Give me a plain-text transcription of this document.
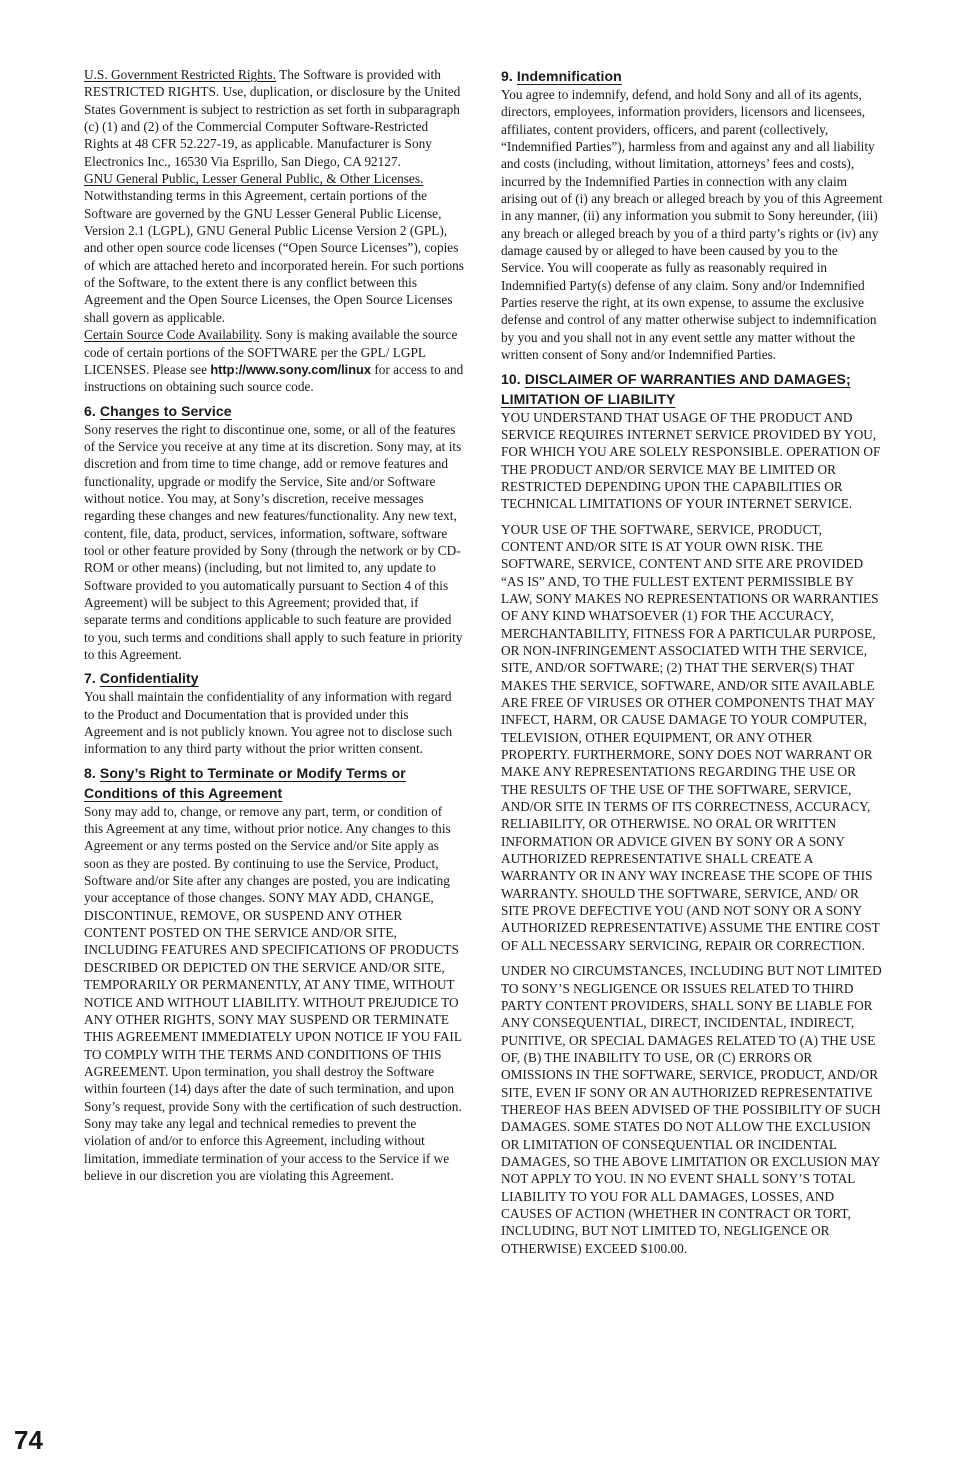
U.S. Government Restricted Rights. The Software is provided with RESTRICTED RIGHTS. Use, duplication, or disclosure by the United States Government is subject to restriction as set forth in subparagraph (c) (1) and (2) of the Commercial Computer Software-Restricted Rights at 48 CFR 52.227-19, as applicable. Manufacturer is Sony Electronics Inc., 16530 Via Esprillo, San Diego, CA 92127.

GNU General Public, Lesser General Public, & Other Licenses. Notwithstanding terms in this Agreement, certain portions of the Software are governed by the GNU Lesser General Public License, Version 2.1 (LGPL), GNU General Public License Version 2 (GPL), and other open source code licenses (“Open Source Licenses”), copies of which are attached hereto and incorporated herein. For such portions of the Software, to the extent there is any conflict between this Agreement and the Open Source Licenses, the Open Source Licenses shall govern as applicable.

Certain Source Code Availability. Sony is making available the source code of certain portions of the SOFTWARE per the GPL/ LGPL LICENSES. Please see http://www.sony.com/linux for access to and instructions on obtaining such source code.

6. Changes to Service

Sony reserves the right to discontinue one, some, or all of the features of the Service you receive at any time at its discretion. Sony may, at its discretion and from time to time change, add or remove features and functionality, upgrade or modify the Service, Site and/or Software without notice. You may, at Sony’s discretion, receive messages regarding these changes and new features/functionality. Any new text, content, file, data, product, services, information, software, software tool or other feature provided by Sony (through the network or by CD-ROM or other means) (including, but not limited to, any update to Software provided to you automatically pursuant to Section 4 of this Agreement) will be subject to this Agreement; provided that, if separate terms and conditions applicable to such feature are provided to you, such terms and conditions shall apply to such feature in priority to this Agreement.

7. Confidentiality

You shall maintain the confidentiality of any information with regard to the Product and Documentation that is provided under this Agreement and is not publicly known. You agree not to disclose such information to any third party without the prior written consent.

8. Sony’s Right to Terminate or Modify Terms or Conditions of this Agreement

Sony may add to, change, or remove any part, term, or condition of this Agreement at any time, without prior notice. Any changes to this Agreement or any terms posted on the Service and/or Site apply as soon as they are posted. By continuing to use the Service, Product, Software and/or Site after any changes are posted, you are indicating your acceptance of those changes. SONY MAY ADD, CHANGE, DISCONTINUE, REMOVE, OR SUSPEND ANY OTHER CONTENT POSTED ON THE SERVICE AND/OR SITE, INCLUDING FEATURES AND SPECIFICATIONS OF PRODUCTS DESCRIBED OR DEPICTED ON THE SERVICE AND/OR SITE, TEMPORARILY OR PERMANENTLY, AT ANY TIME, WITHOUT NOTICE AND WITHOUT LIABILITY. WITHOUT PREJUDICE TO ANY OTHER RIGHTS, SONY MAY SUSPEND OR TERMINATE THIS AGREEMENT IMMEDIATELY UPON NOTICE IF YOU FAIL TO COMPLY WITH THE TERMS AND CONDITIONS OF THIS AGREEMENT. Upon termination, you shall destroy the Software within fourteen (14) days after the date of such termination, and upon Sony’s request, provide Sony with the certification of such destruction. Sony may take any legal and technical remedies to prevent the violation of and/or to enforce this Agreement, including without limitation, immediate termination of your access to the Service if we believe in our discretion you are violating this Agreement.

9. Indemnification

You agree to indemnify, defend, and hold Sony and all of its agents, directors, employees, information providers, licensors and licensees, affiliates, content providers, officers, and parent (collectively, “Indemnified Parties”), harmless from and against any and all liability and costs (including, without limitation, attorneys’ fees and costs), incurred by the Indemnified Parties in connection with any claim arising out of (i) any breach or alleged breach by you of this Agreement in any manner, (ii) any information you submit to Sony hereunder, (iii) any breach or alleged breach by you of a third party’s rights or (iv) any damage caused by or alleged to have been caused by you to the Service. You will cooperate as fully as reasonably required in Indemnified Party(s) defense of any claim. Sony and/or Indemnified Parties reserve the right, at its own expense, to assume the exclusive defense and control of any matter otherwise subject to indemnification by you and you shall not in any event settle any matter without the written consent of Sony and/or Indemnified Parties.

10. DISCLAIMER OF WARRANTIES AND DAMAGES; LIMITATION OF LIABILITY

YOU UNDERSTAND THAT USAGE OF THE PRODUCT AND SERVICE REQUIRES INTERNET SERVICE PROVIDED BY YOU, FOR WHICH YOU ARE SOLELY RESPONSIBLE. OPERATION OF THE PRODUCT AND/OR SERVICE MAY BE LIMITED OR RESTRICTED DEPENDING UPON THE CAPABILITIES OR TECHNICAL LIMITATIONS OF YOUR INTERNET SERVICE.

YOUR USE OF THE SOFTWARE, SERVICE, PRODUCT, CONTENT AND/OR SITE IS AT YOUR OWN RISK. THE SOFTWARE, SERVICE, CONTENT AND SITE ARE PROVIDED “AS IS” AND, TO THE FULLEST EXTENT PERMISSIBLE BY LAW, SONY MAKES NO REPRESENTATIONS OR WARRANTIES OF ANY KIND WHATSOEVER (1) FOR THE ACCURACY, MERCHANTABILITY, FITNESS FOR A PARTICULAR PURPOSE, OR NON-INFRINGEMENT ASSOCIATED WITH THE SERVICE, SITE, AND/OR SOFTWARE; (2) THAT THE SERVER(S) THAT MAKES THE SERVICE, SOFTWARE, AND/OR SITE AVAILABLE ARE FREE OF VIRUSES OR OTHER COMPONENTS THAT MAY INFECT, HARM, OR CAUSE DAMAGE TO YOUR COMPUTER, TELEVISION, OTHER EQUIPMENT, OR ANY OTHER PROPERTY. FURTHERMORE, SONY DOES NOT WARRANT OR MAKE ANY REPRESENTATIONS REGARDING THE USE OR THE RESULTS OF THE USE OF THE SOFTWARE, SERVICE, AND/OR SITE IN TERMS OF ITS CORRECTNESS, ACCURACY, RELIABILITY, OR OTHERWISE. NO ORAL OR WRITTEN INFORMATION OR ADVICE GIVEN BY SONY OR A SONY AUTHORIZED REPRESENTATIVE SHALL CREATE A WARRANTY OR IN ANY WAY INCREASE THE SCOPE OF THIS WARRANTY. SHOULD THE SOFTWARE, SERVICE, AND/ OR SITE PROVE DEFECTIVE YOU (AND NOT SONY OR A SONY AUTHORIZED REPRESENTATIVE) ASSUME THE ENTIRE COST OF ALL NECESSARY SERVICING, REPAIR OR CORRECTION.

UNDER NO CIRCUMSTANCES, INCLUDING BUT NOT LIMITED TO SONY’S NEGLIGENCE OR ISSUES RELATED TO THIRD PARTY CONTENT PROVIDERS, SHALL SONY BE LIABLE FOR ANY CONSEQUENTIAL, DIRECT, INCIDENTAL, INDIRECT, PUNITIVE, OR SPECIAL DAMAGES RELATED TO (A) THE USE OF, (B) THE INABILITY TO USE, OR (C) ERRORS OR OMISSIONS IN THE SOFTWARE, SERVICE, PRODUCT, AND/OR SITE, EVEN IF SONY OR AN AUTHORIZED REPRESENTATIVE THEREOF HAS BEEN ADVISED OF THE POSSIBILITY OF SUCH DAMAGES. SOME STATES DO NOT ALLOW THE EXCLUSION OR LIMITATION OF CONSEQUENTIAL OR INCIDENTAL DAMAGES, SO THE ABOVE LIMITATION OR EXCLUSION MAY NOT APPLY TO YOU. IN NO EVENT SHALL SONY’S TOTAL LIABILITY TO YOU FOR ALL DAMAGES, LOSSES, AND CAUSES OF ACTION (WHETHER IN CONTRACT OR TORT, INCLUDING, BUT NOT LIMITED TO, NEGLIGENCE OR OTHERWISE) EXCEED $100.00.

74
